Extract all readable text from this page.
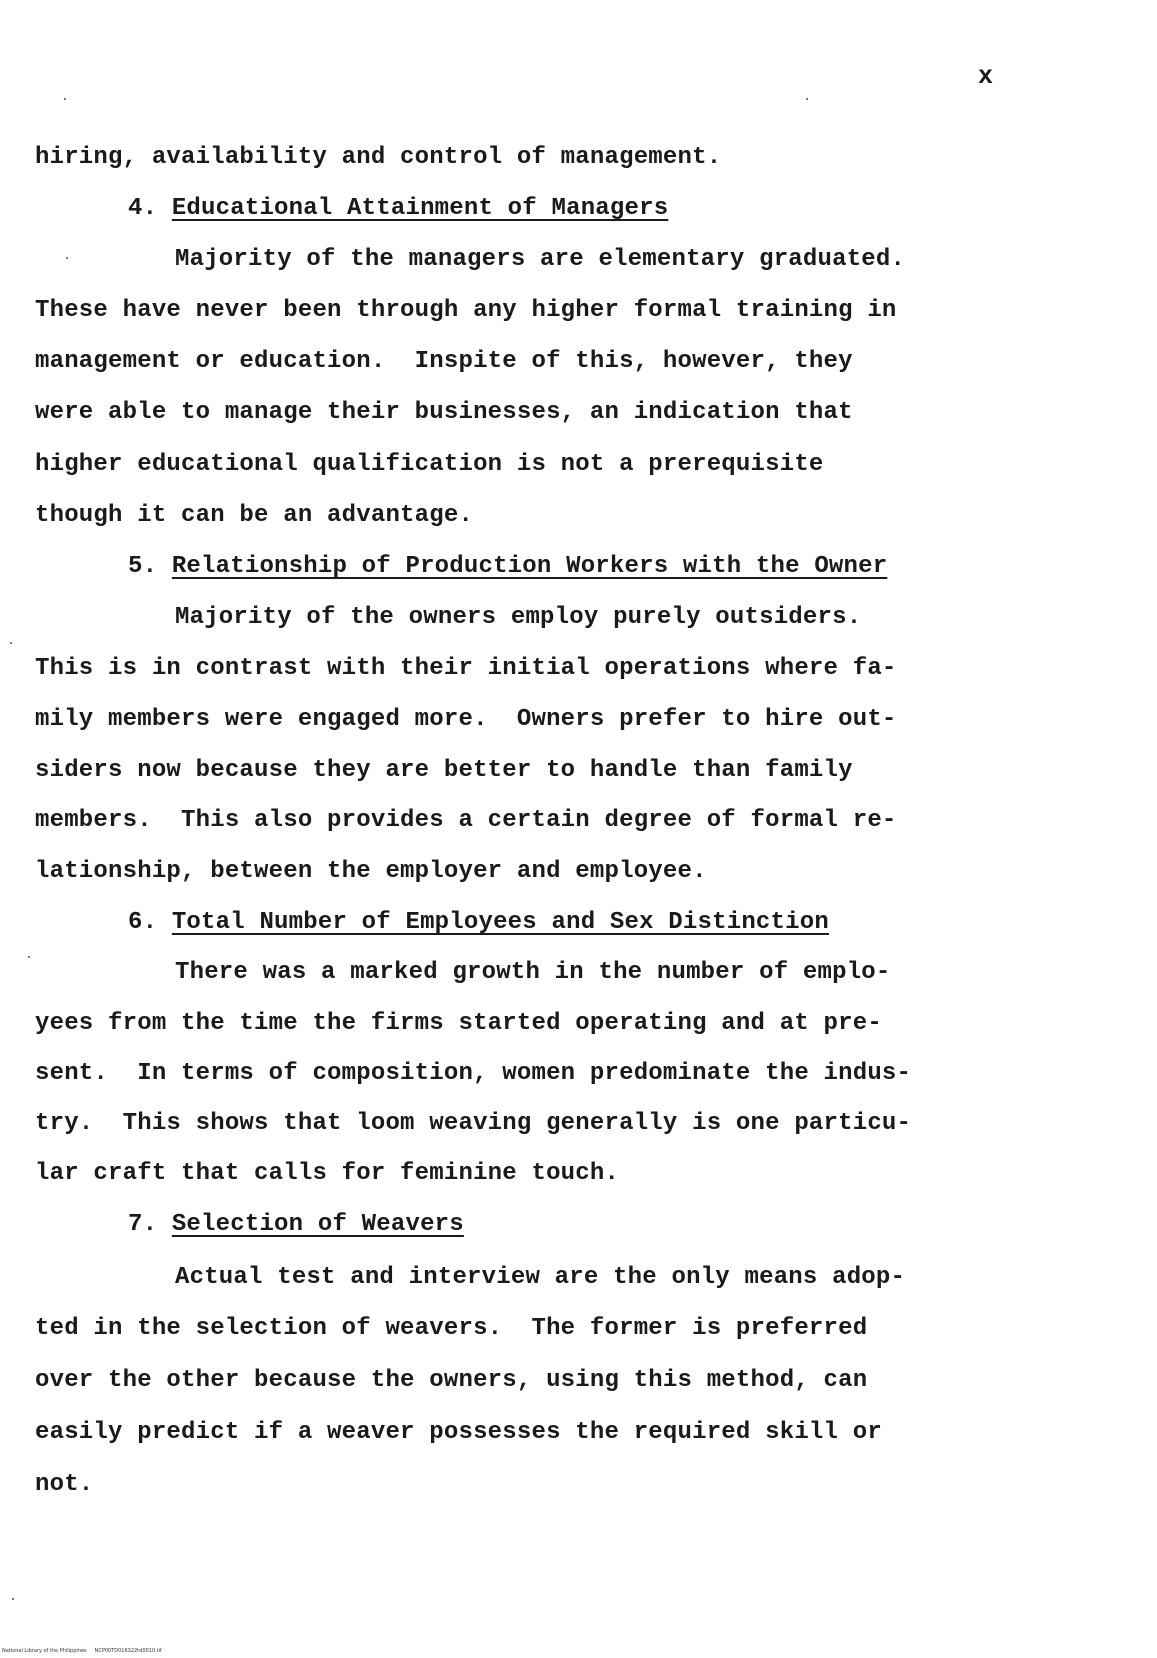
x
hiring, availability and control of management.
4. Educational Attainment of Managers
Majority of the managers are elementary graduated.
These have never been through any higher formal training in
management or education.  Inspite of this, however, they
were able to manage their businesses, an indication that
higher educational qualification is not a prerequisite
though it can be an advantage.
5. Relationship of Production Workers with the Owner
Majority of the owners employ purely outsiders.
This is in contrast with their initial operations where fa-
mily members were engaged more.  Owners prefer to hire out-
siders now because they are better to handle than family
members.  This also provides a certain degree of formal re-
lationship, between the employer and employee.
6. Total Number of Employees and Sex Distinction
There was a marked growth in the number of emplo-
yees from the time the firms started operating and at pre-
sent.  In terms of composition, women predominate the indus-
try.  This shows that loom weaving generally is one particu-
lar craft that calls for feminine touch.
7. Selection of Weavers
Actual test and interview are the only means adop-
ted in the selection of weavers.  The former is preferred
over the other because the owners, using this method, can
easily predict if a weaver possesses the required skill or
not.
National Library of the Philippines     NCP00TD016322td0010.tif
